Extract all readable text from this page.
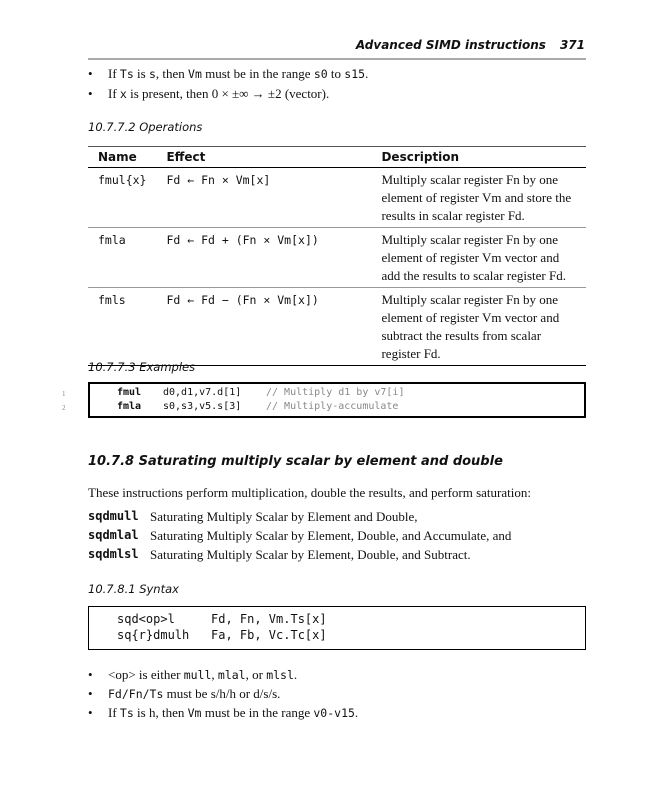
Advanced SIMD instructions 371
If Ts is s, then Vm must be in the range s0 to s15.
If x is present, then 0 × ±∞ → ±2 (vector).
10.7.7.2 Operations
Name	Effect	Description
fmul{x}	Fd ← Fn × Vm[x]	Multiply scalar register Fn by one element of register Vm and store the results in scalar register Fd.
fmla	Fd ← Fd + (Fn × Vm[x])	Multiply scalar register Fn by one element of register Vm vector and add the results to scalar register Fd.
fmls	Fd ← Fd − (Fn × Vm[x])	Multiply scalar register Fn by one element of register Vm vector and subtract the results from scalar register Fd.
10.7.7.3 Examples
1	fmul d0,d1,v7.d[1] // Multiply d1 by v7[i]
2	fmla s0,s3,v5.s[3] // Multiply-accumulate
10.7.8 Saturating multiply scalar by element and double
These instructions perform multiplication, double the results, and perform saturation:
sqdmull Saturating Multiply Scalar by Element and Double,
sqdmlal Saturating Multiply Scalar by Element, Double, and Accumulate, and
sqdmlsl Saturating Multiply Scalar by Element, Double, and Subtract.
10.7.8.1 Syntax
sqd<op>l	Fd, Fn, Vm.Ts[x]
sq{r}dmulh Fa, Fb, Vc.Tc[x]
<op> is either mull, mlal, or mlsl.
Fd/Fn/Ts must be s/h/h or d/s/s.
If Ts is h, then Vm must be in the range v0-v15.
